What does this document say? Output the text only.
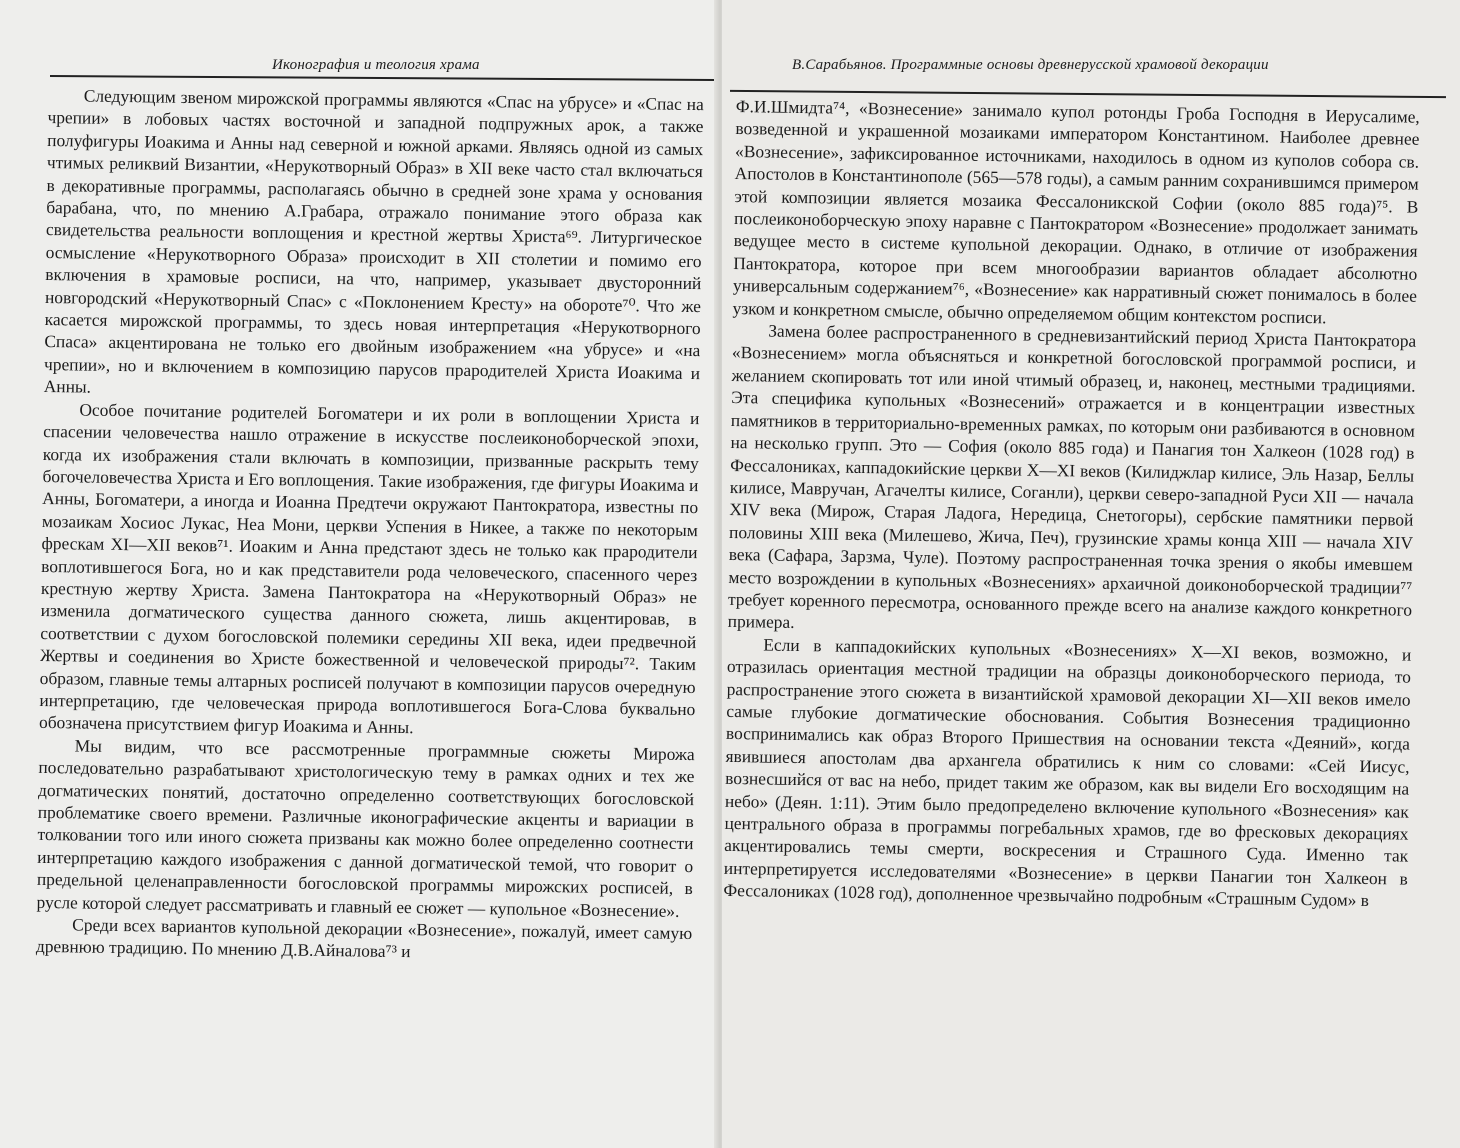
Иконография и теология храма

Следующим звеном мирожской программы являются «Спас на убрусе» и «Спас на чрепии» в лобовых частях восточной и западной подпружных арок, а также полуфигуры Иоакима и Анны над северной и южной арками. Являясь одной из самых чтимых реликвий Византии, «Нерукотворный Образ» в XII веке часто стал включаться в декоративные программы, располагаясь обычно в средней зоне храма у основания барабана, что, по мнению А.Грабара, отражало понимание этого образа как свидетельства реальности воплощения и крестной жертвы Христа⁶⁹. Литургическое осмысление «Нерукотворного Образа» происходит в XII столетии и помимо его включения в храмовые росписи, на что, например, указывает двусторонний новгородский «Нерукотворный Спас» с «Поклонением Кресту» на обороте⁷⁰. Что же касается мирожской программы, то здесь новая интерпретация «Нерукотворного Спаса» акцентирована не только его двойным изображением «на убрусе» и «на чрепии», но и включением в композицию парусов прародителей Христа Иоакима и Анны.

Особое почитание родителей Богоматери и их роли в воплощении Христа и спасении человечества нашло отражение в искусстве послеиконоборческой эпохи, когда их изображения стали включать в композиции, призванные раскрыть тему богочеловечества Христа и Его воплощения. Такие изображения, где фигуры Иоакима и Анны, Богоматери, а иногда и Иоанна Предтечи окружают Пантократора, известны по мозаикам Хосиос Лукас, Неа Мони, церкви Успения в Никее, а также по некоторым фрескам XI—XII веков⁷¹. Иоаким и Анна предстают здесь не только как прародители воплотившегося Бога, но и как представители рода человеческого, спасенного через крестную жертву Христа. Замена Пантократора на «Нерукотворный Образ» не изменила догматического существа данного сюжета, лишь акцентировав, в соответствии с духом богословской полемики середины XII века, идеи предвечной Жертвы и соединения во Христе божественной и человеческой природы⁷². Таким образом, главные темы алтарных росписей получают в композиции парусов очередную интерпретацию, где человеческая природа воплотившегося Бога-Слова буквально обозначена присутствием фигур Иоакима и Анны.

Мы видим, что все рассмотренные программные сюжеты Мирожа последовательно разрабатывают христологическую тему в рамках одних и тех же догматических понятий, достаточно определенно соответствующих богословской проблематике своего времени. Различные иконографические акценты и вариации в толковании того или иного сюжета призваны как можно более определенно соотнести интерпретацию каждого изображения с данной догматической темой, что говорит о предельной целенаправленности богословской программы мирожских росписей, в русле которой следует рассматривать и главный ее сюжет — купольное «Вознесение».

Среди всех вариантов купольной декорации «Вознесение», пожалуй, имеет самую древнюю традицию. По мнению Д.В.Айналова⁷³ и

В.Сарабьянов. Программные основы древнерусской храмовой декорации

Ф.И.Шмидта⁷⁴, «Вознесение» занимало купол ротонды Гроба Господня в Иерусалиме, возведенной и украшенной мозаиками императором Константином. Наиболее древнее «Вознесение», зафиксированное источниками, находилось в одном из куполов собора св. Апостолов в Константинополе (565—578 годы), а самым ранним сохранившимся примером этой композиции является мозаика Фессалоникской Софии (около 885 года)⁷⁵. В послеиконоборческую эпоху наравне с Пантократором «Вознесение» продолжает занимать ведущее место в системе купольной декорации. Однако, в отличие от изображения Пантократора, которое при всем многообразии вариантов обладает абсолютно универсальным содержанием⁷⁶, «Вознесение» как нарративный сюжет понималось в более узком и конкретном смысле, обычно определяемом общим контекстом росписи.

Замена более распространенного в средневизантийский период Христа Пантократора «Вознесением» могла объясняться и конкретной богословской программой росписи, и желанием скопировать тот или иной чтимый образец, и, наконец, местными традициями. Эта специфика купольных «Вознесений» отражается и в концентрации известных памятников в территориально-временных рамках, по которым они разбиваются в основном на несколько групп. Это — София (около 885 года) и Панагия тон Халкеон (1028 год) в Фессалониках, каппадокийские церкви X—XI веков (Килиджлар килисе, Эль Назар, Беллы килисе, Мавручан, Агачелты килисе, Соганли), церкви северо-западной Руси XII — начала XIV века (Мирож, Старая Ладога, Нередица, Снетогоры), сербские памятники первой половины XIII века (Милешево, Жича, Печ), грузинские храмы конца XIII — начала XIV века (Сафара, Зарзма, Чуле). Поэтому распространенная точка зрения о якобы имевшем место возрождении в купольных «Вознесениях» архаичной доиконоборческой традиции⁷⁷ требует коренного пересмотра, основанного прежде всего на анализе каждого конкретного примера.

Если в каппадокийских купольных «Вознесениях» X—XI веков, возможно, и отразилась ориентация местной традиции на образцы доиконоборческого периода, то распространение этого сюжета в византийской храмовой декорации XI—XII веков имело самые глубокие догматические обоснования. События Вознесения традиционно воспринимались как образ Второго Пришествия на основании текста «Деяний», когда явившиеся апостолам два архангела обратились к ним со словами: «Сей Иисус, вознесшийся от вас на небо, придет таким же образом, как вы видели Его восходящим на небо» (Деян. 1:11). Этим было предопределено включение купольного «Вознесения» как центрального образа в программы погребальных храмов, где во фресковых декорациях акцентировались темы смерти, воскресения и Страшного Суда. Именно так интерпретируется исследователями «Вознесение» в церкви Панагии тон Халкеон в Фессалониках (1028 год), дополненное чрезвычайно подробным «Страшным Судом» в
